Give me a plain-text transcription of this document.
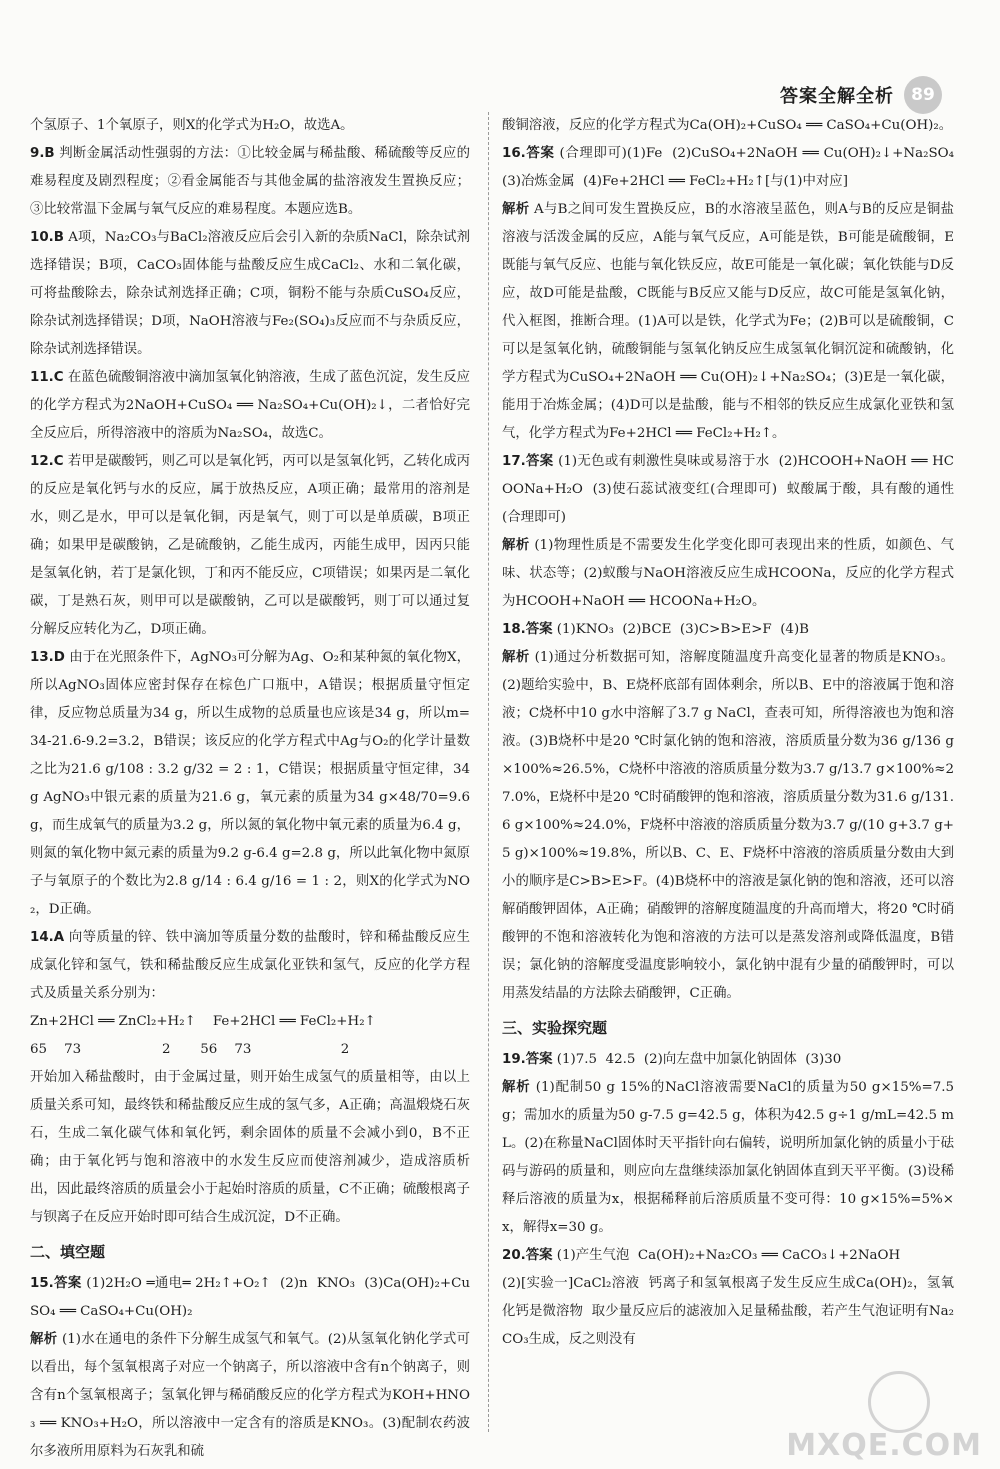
答案全解全析	89

个氢原子、1个氧原子，则X的化学式为H₂O，故选A。

9.B 判断金属活动性强弱的方法：①比较金属与稀盐酸、稀硫酸等反应的难易程度及剧烈程度；②看金属能否与其他金属的盐溶液发生置换反应；③比较常温下金属与氧气反应的难易程度。本题应选B。

10.B A项，Na₂CO₃与BaCl₂溶液反应后会引入新的杂质NaCl，除杂试剂选择错误；B项，CaCO₃固体能与盐酸反应生成CaCl₂、水和二氧化碳，可将盐酸除去，除杂试剂选择正确；C项，铜粉不能与杂质CuSO₄反应，除杂试剂选择错误；D项，NaOH溶液与Fe₂(SO₄)₃反应而不与杂质反应，除杂试剂选择错误。

11.C 在蓝色硫酸铜溶液中滴加氢氧化钠溶液，生成了蓝色沉淀，发生反应的化学方程式为2NaOH+CuSO₄ ══ Na₂SO₄+Cu(OH)₂↓，二者恰好完全反应后，所得溶液中的溶质为Na₂SO₄，故选C。

12.C 若甲是碳酸钙，则乙可以是氧化钙，丙可以是氢氧化钙，乙转化成丙的反应是氧化钙与水的反应，属于放热反应，A项正确；最常用的溶剂是水，则乙是水，甲可以是氧化铜，丙是氧气，则丁可以是单质碳，B项正确；如果甲是碳酸钠，乙是硫酸钠，乙能生成丙，丙能生成甲，因丙只能是氢氧化钠，若丁是氯化钡，丁和丙不能反应，C项错误；如果丙是二氧化碳，丁是熟石灰，则甲可以是碳酸钠，乙可以是碳酸钙，则丁可以通过复分解反应转化为乙，D项正确。

13.D 由于在光照条件下，AgNO₃可分解为Ag、O₂和某种氮的氧化物X，所以AgNO₃固体应密封保存在棕色广口瓶中，A错误；根据质量守恒定律，反应物总质量为34 g，所以生成物的总质量也应该是34 g，所以m=34-21.6-9.2=3.2，B错误；该反应的化学方程式中Ag与O₂的化学计量数之比为21.6 g/108 : 3.2 g/32 = 2 : 1，C错误；根据质量守恒定律，34 g AgNO₃中银元素的质量为21.6 g，氧元素的质量为34 g×48/70=9.6 g，而生成氧气的质量为3.2 g，所以氮的氧化物中氧元素的质量为6.4 g，则氮的氧化物中氮元素的质量为9.2 g-6.4 g=2.8 g，所以此氧化物中氮原子与氧原子的个数比为2.8 g/14 : 6.4 g/16 = 1 : 2，则X的化学式为NO₂，D正确。

14.A 向等质量的锌、铁中滴加等质量分数的盐酸时，锌和稀盐酸反应生成氯化锌和氢气，铁和稀盐酸反应生成氯化亚铁和氢气，反应的化学方程式及质量关系分别为：

Zn+2HCl ══ ZnCl₂+H₂↑    Fe+2HCl ══ FeCl₂+H₂↑

65    73                   2       56    73                     2

开始加入稀盐酸时，由于金属过量，则开始生成氢气的质量相等，由以上质量关系可知，最终铁和稀盐酸反应生成的氢气多，A正确；高温煅烧石灰石，生成二氧化碳气体和氧化钙，剩余固体的质量不会减小到0，B不正确；由于氧化钙与饱和溶液中的水发生反应而使溶剂减少，造成溶质析出，因此最终溶质的质量会小于起始时溶质的质量，C不正确；硫酸根离子与钡离子在反应开始时即可结合生成沉淀，D不正确。

二、填空题

15.答案 (1)2H₂O ═通电═ 2H₂↑+O₂↑  (2)n  KNO₃  (3)Ca(OH)₂+CuSO₄ ══ CaSO₄+Cu(OH)₂

解析 (1)水在通电的条件下分解生成氢气和氧气。(2)从氢氧化钠化学式可以看出，每个氢氧根离子对应一个钠离子，所以溶液中含有n个钠离子，则含有n个氢氧根离子；氢氧化钾与稀硝酸反应的化学方程式为KOH+HNO₃ ══ KNO₃+H₂O，所以溶液中一定含有的溶质是KNO₃。(3)配制农药波尔多液所用原料为石灰乳和硫

酸铜溶液，反应的化学方程式为Ca(OH)₂+CuSO₄ ══ CaSO₄+Cu(OH)₂。

16.答案 (合理即可)(1)Fe  (2)CuSO₄+2NaOH ══ Cu(OH)₂↓+Na₂SO₄  (3)冶炼金属  (4)Fe+2HCl ══ FeCl₂+H₂↑[与(1)中对应]

解析 A与B之间可发生置换反应，B的水溶液呈蓝色，则A与B的反应是铜盐溶液与活泼金属的反应，A能与氧气反应，A可能是铁，B可能是硫酸铜，E既能与氧气反应、也能与氧化铁反应，故E可能是一氧化碳；氧化铁能与D反应，故D可能是盐酸，C既能与B反应又能与D反应，故C可能是氢氧化钠，代入框图，推断合理。(1)A可以是铁，化学式为Fe；(2)B可以是硫酸铜，C可以是氢氧化钠，硫酸铜能与氢氧化钠反应生成氢氧化铜沉淀和硫酸钠，化学方程式为CuSO₄+2NaOH ══ Cu(OH)₂↓+Na₂SO₄；(3)E是一氧化碳，能用于冶炼金属；(4)D可以是盐酸，能与不相邻的铁反应生成氯化亚铁和氢气，化学方程式为Fe+2HCl ══ FeCl₂+H₂↑。

17.答案 (1)无色或有刺激性臭味或易溶于水  (2)HCOOH+NaOH ══ HCOONa+H₂O  (3)使石蕊试液变红(合理即可)  蚁酸属于酸，具有酸的通性(合理即可)

解析 (1)物理性质是不需要发生化学变化即可表现出来的性质，如颜色、气味、状态等；(2)蚁酸与NaOH溶液反应生成HCOONa，反应的化学方程式为HCOOH+NaOH ══ HCOONa+H₂O。

18.答案 (1)KNO₃  (2)BCE  (3)C>B>E>F  (4)B

解析 (1)通过分析数据可知，溶解度随温度升高变化显著的物质是KNO₃。(2)题给实验中，B、E烧杯底部有固体剩余，所以B、E中的溶液属于饱和溶液；C烧杯中10 g水中溶解了3.7 g NaCl，查表可知，所得溶液也为饱和溶液。(3)B烧杯中是20 ℃时氯化钠的饱和溶液，溶质质量分数为36 g/136 g×100%≈26.5%，C烧杯中溶液的溶质质量分数为3.7 g/13.7 g×100%≈27.0%，E烧杯中是20 ℃时硝酸钾的饱和溶液，溶质质量分数为31.6 g/131.6 g×100%≈24.0%，F烧杯中溶液的溶质质量分数为3.7 g/(10 g+3.7 g+5 g)×100%≈19.8%，所以B、C、E、F烧杯中溶液的溶质质量分数由大到小的顺序是C>B>E>F。(4)B烧杯中的溶液是氯化钠的饱和溶液，还可以溶解硝酸钾固体，A正确；硝酸钾的溶解度随温度的升高而增大，将20 ℃时硝酸钾的不饱和溶液转化为饱和溶液的方法可以是蒸发溶剂或降低温度，B错误；氯化钠的溶解度受温度影响较小，氯化钠中混有少量的硝酸钾时，可以用蒸发结晶的方法除去硝酸钾，C正确。

三、实验探究题

19.答案 (1)7.5  42.5  (2)向左盘中加氯化钠固体  (3)30

解析 (1)配制50 g 15%的NaCl溶液需要NaCl的质量为50 g×15%=7.5 g；需加水的质量为50 g-7.5 g=42.5 g，体积为42.5 g÷1 g/mL=42.5 mL。(2)在称量NaCl固体时天平指针向右偏转，说明所加氯化钠的质量小于砝码与游码的质量和，则应向左盘继续添加氯化钠固体直到天平平衡。(3)设稀释后溶液的质量为x，根据稀释前后溶质质量不变可得：10 g×15%=5%×x，解得x=30 g。

20.答案 (1)产生气泡  Ca(OH)₂+Na₂CO₃ ══ CaCO₃↓+2NaOH

(2)[实验一]CaCl₂溶液  钙离子和氢氧根离子发生反应生成Ca(OH)₂，氢氧化钙是微溶物  取少量反应后的滤液加入足量稀盐酸，若产生气泡证明有Na₂CO₃生成，反之则没有

MXQE.COM
